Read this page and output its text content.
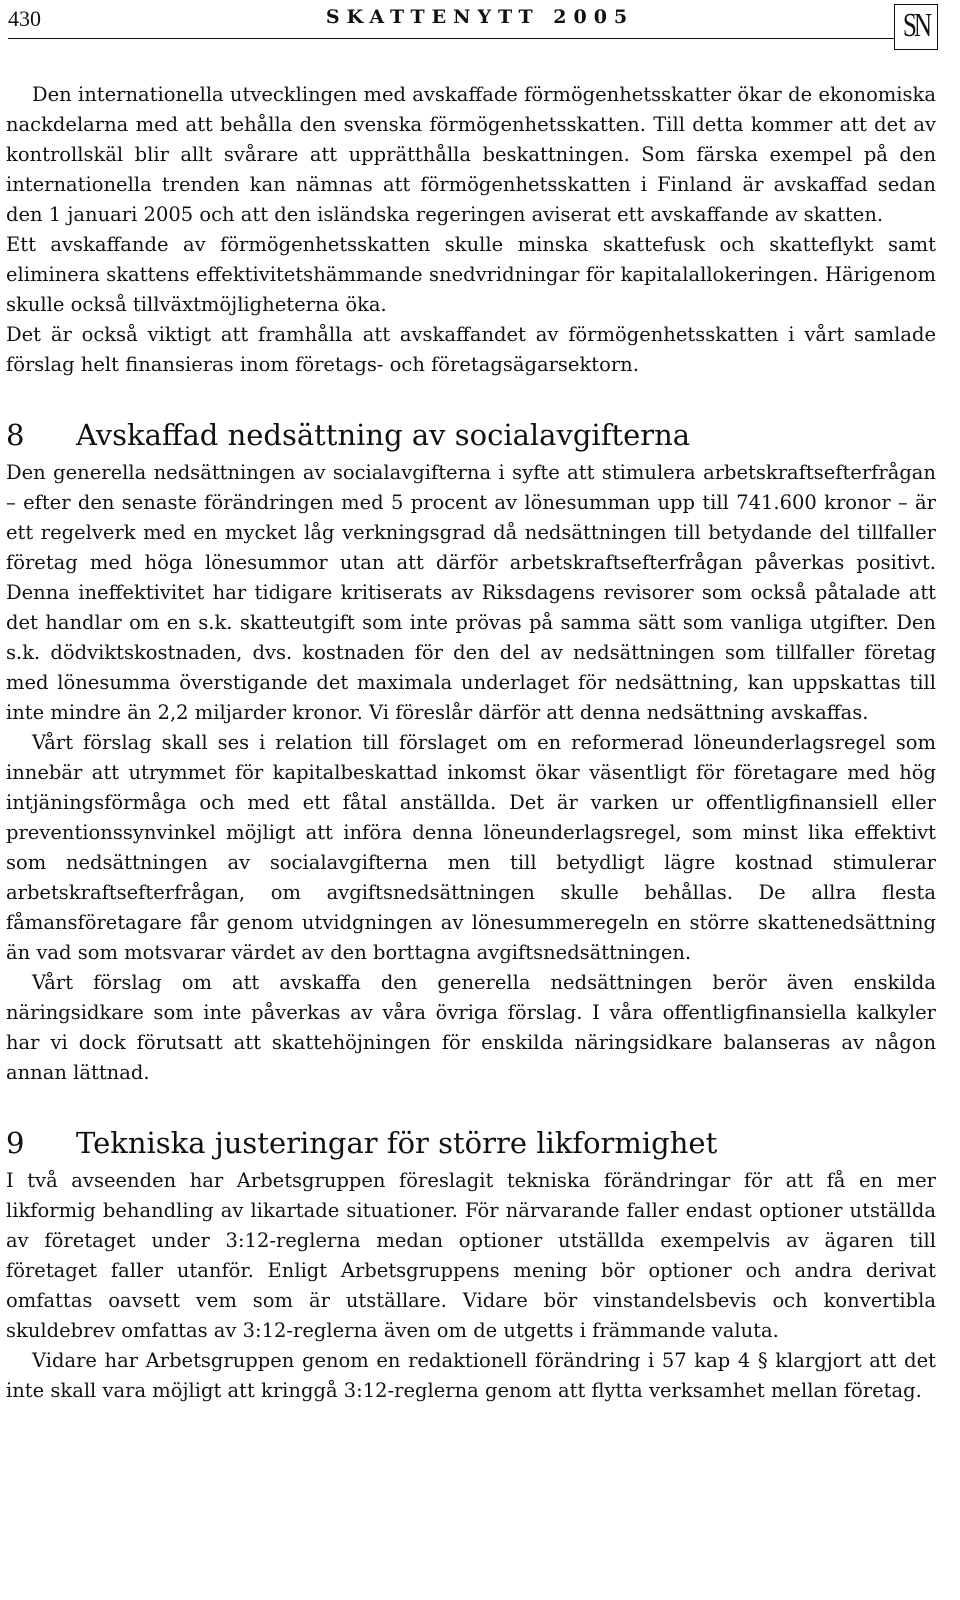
430	SKATTENYTT 2005	SN

Den internationella utvecklingen med avskaffade förmögenhetsskatter ökar de ekonomiska nackdelarna med att behålla den svenska förmögenhetsskatten. Till detta kommer att det av kontrollskäl blir allt svårare att upprätthålla beskattningen. Som färska exempel på den internationella trenden kan nämnas att förmögenhetsskatten i Finland är avskaffad sedan den 1 januari 2005 och att den isländska regeringen aviserat ett avskaffande av skatten.

Ett avskaffande av förmögenhetsskatten skulle minska skattefusk och skatteflykt samt eliminera skattens effektivitetshämmande snedvridningar för kapitalallokeringen. Härigenom skulle också tillväxtmöjligheterna öka.

Det är också viktigt att framhålla att avskaffandet av förmögenhetsskatten i vårt samlade förslag helt finansieras inom företags- och företagsägarsektorn.

8 Avskaffad nedsättning av socialavgifterna

Den generella nedsättningen av socialavgifterna i syfte att stimulera arbetskraftsefterfrågan – efter den senaste förändringen med 5 procent av lönesumman upp till 741.600 kronor – är ett regelverk med en mycket låg verkningsgrad då nedsättningen till betydande del tillfaller företag med höga lönesummor utan att därför arbetskraftsefterfrågan påverkas positivt. Denna ineffektivitet har tidigare kritiserats av Riksdagens revisorer som också påtalade att det handlar om en s.k. skatteutgift som inte prövas på samma sätt som vanliga utgifter. Den s.k. dödviktskostnaden, dvs. kostnaden för den del av nedsättningen som tillfaller företag med lönesumma överstigande det maximala underlaget för nedsättning, kan uppskattas till inte mindre än 2,2 miljarder kronor. Vi föreslår därför att denna nedsättning avskaffas.

Vårt förslag skall ses i relation till förslaget om en reformerad löneunderlagsregel som innebär att utrymmet för kapitalbeskattad inkomst ökar väsentligt för företagare med hög intjäningsförmåga och med ett fåtal anställda. Det är varken ur offentligfinansiell eller preventionssynvinkel möjligt att införa denna löneunderlagsregel, som minst lika effektivt som nedsättningen av socialavgifterna men till betydligt lägre kostnad stimulerar arbetskraftsefterfrågan, om avgiftsnedsättningen skulle behållas. De allra flesta fåmansföretagare får genom utvidgningen av lönesummeregeln en större skattenedsättning än vad som motsvarar värdet av den borttagna avgiftsnedsättningen.

Vårt förslag om att avskaffa den generella nedsättningen berör även enskilda näringsidkare som inte påverkas av våra övriga förslag. I våra offentligfinansiella kalkyler har vi dock förutsatt att skattehöjningen för enskilda näringsidkare balanseras av någon annan lättnad.

9 Tekniska justeringar för större likformighet

I två avseenden har Arbetsgruppen föreslagit tekniska förändringar för att få en mer likformig behandling av likartade situationer. För närvarande faller endast optioner utställda av företaget under 3:12-reglerna medan optioner utställda exempelvis av ägaren till företaget faller utanför. Enligt Arbetsgruppens mening bör optioner och andra derivat omfattas oavsett vem som är utställare. Vidare bör vinstandelsbevis och konvertibla skuldebrev omfattas av 3:12-reglerna även om de utgetts i främmande valuta.

Vidare har Arbetsgruppen genom en redaktionell förändring i 57 kap 4 § klargjort att det inte skall vara möjligt att kringgå 3:12-reglerna genom att flytta verksamhet mellan företag.
